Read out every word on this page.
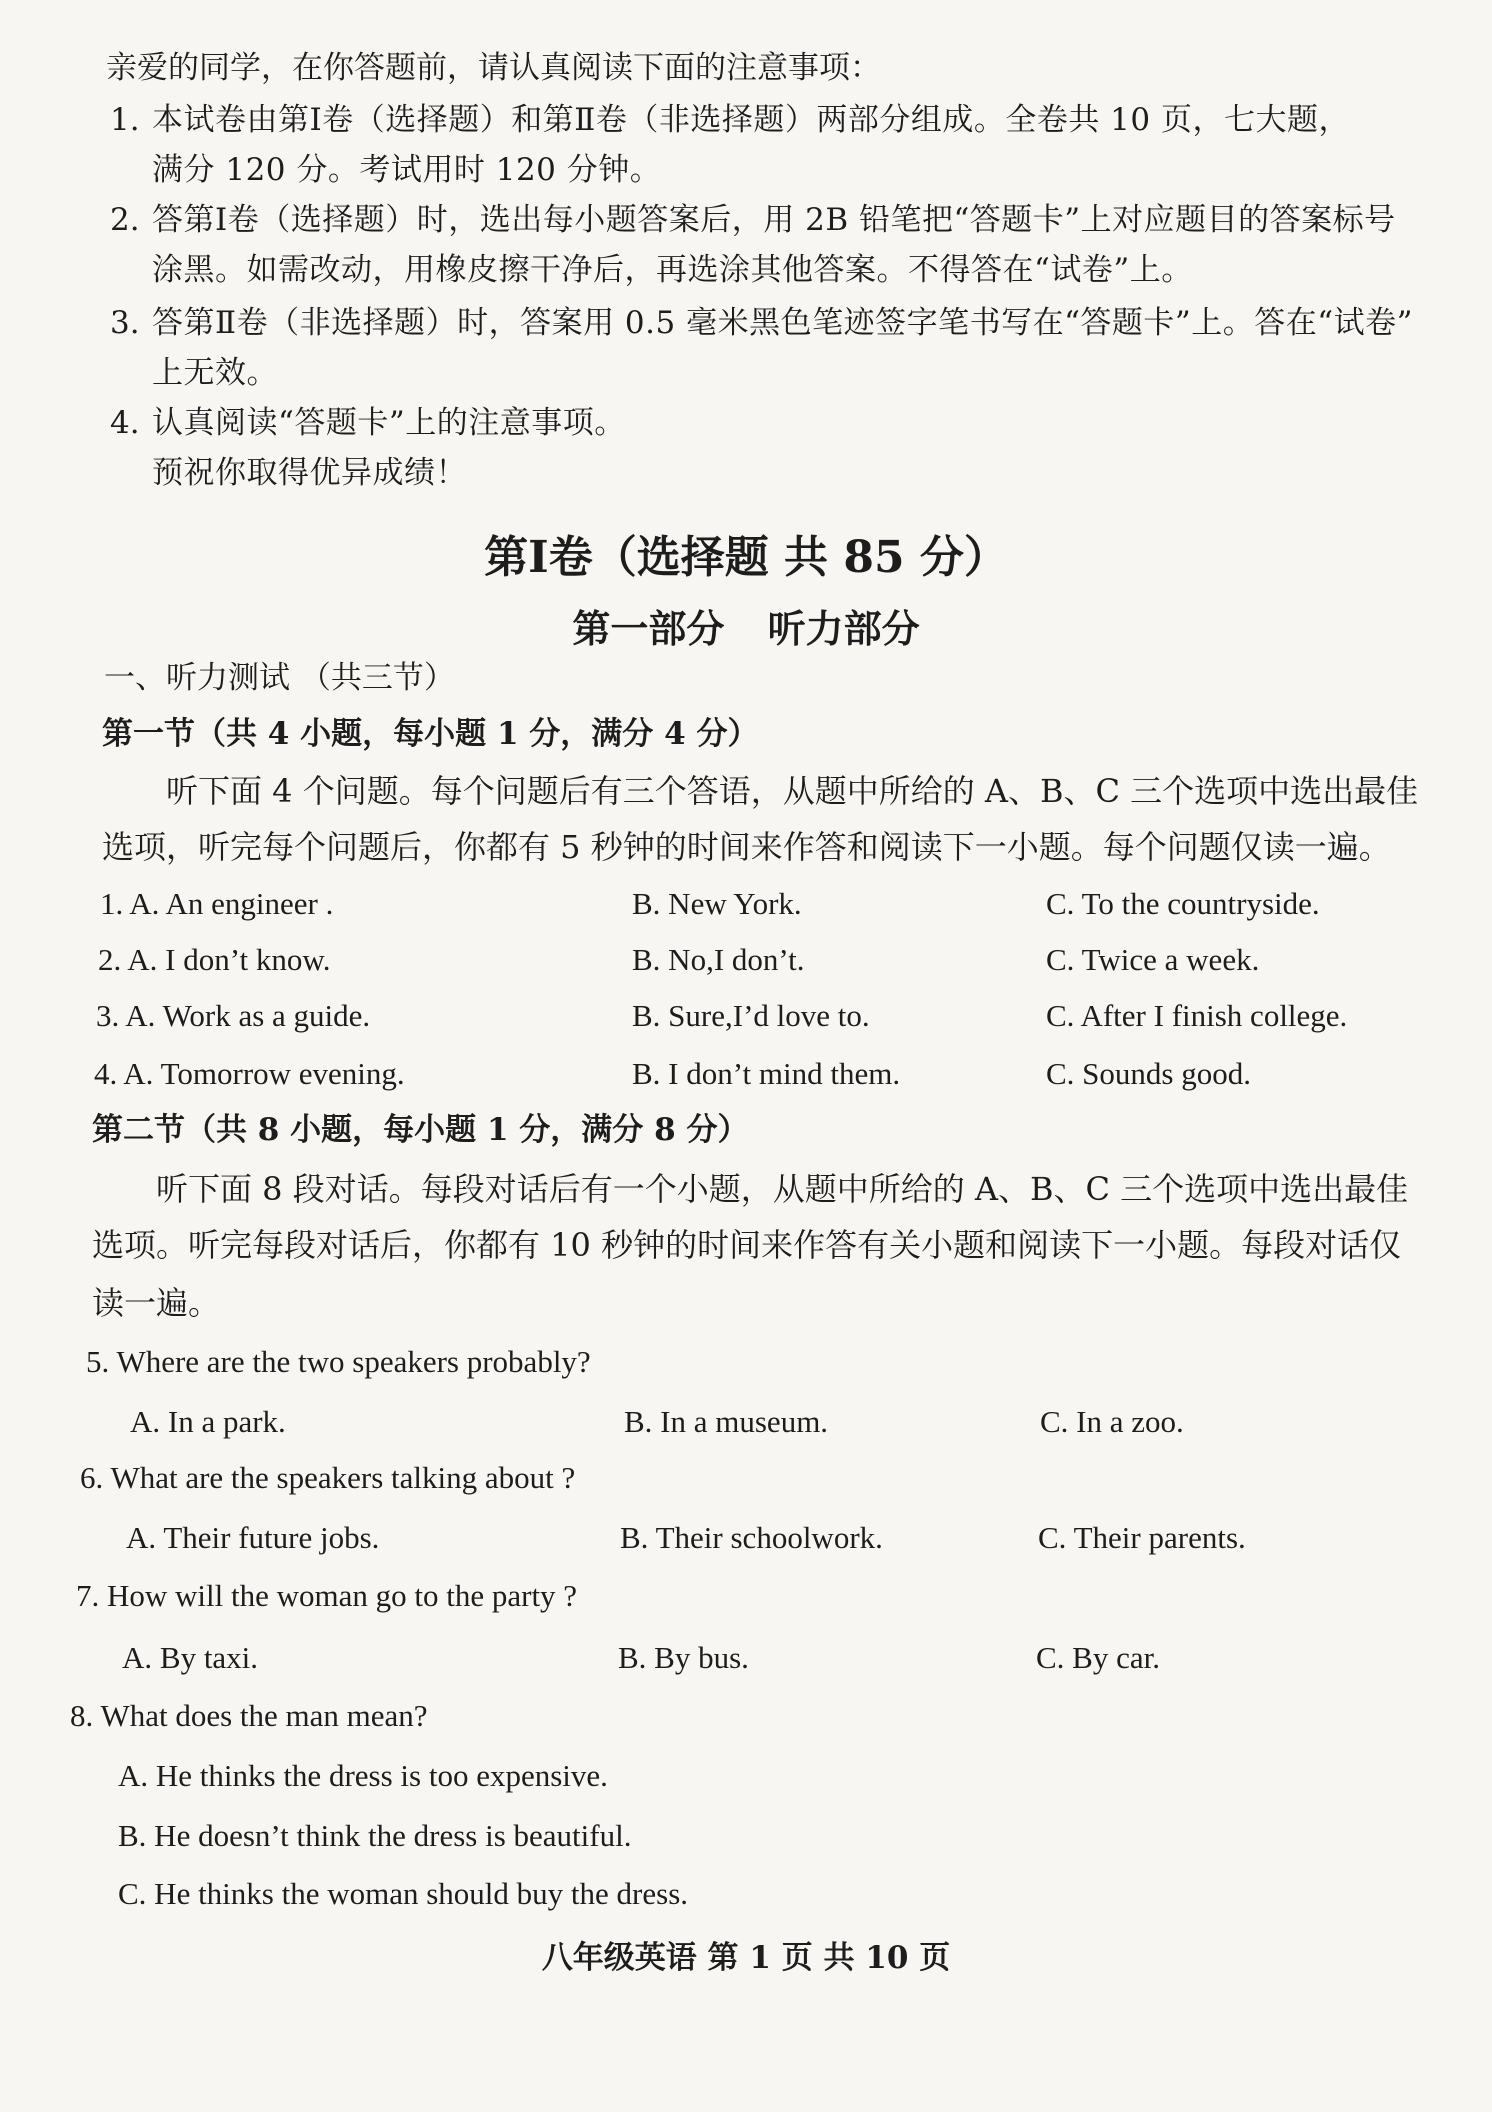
亲爱的同学，在你答题前，请认真阅读下面的注意事项：
1. 本试卷由第Ⅰ卷（选择题）和第Ⅱ卷（非选择题）两部分组成。全卷共 10 页，七大题，
满分 120 分。考试用时 120 分钟。
2. 答第Ⅰ卷（选择题）时，选出每小题答案后，用 2B 铅笔把“答题卡”上对应题目的答案标号
涂黑。如需改动，用橡皮擦干净后，再选涂其他答案。不得答在“试卷”上。
3. 答第Ⅱ卷（非选择题）时，答案用 0.5 毫米黑色笔迹签字笔书写在“答题卡”上。答在“试卷”
上无效。
4. 认真阅读“答题卡”上的注意事项。
预祝你取得优异成绩！
第Ⅰ卷（选择题 共 85 分）
第一部分 听力部分
一、听力测试 （共三节）
第一节（共 4 小题，每小题 1 分，满分 4 分）
听下面 4 个问题。每个问题后有三个答语，从题中所给的 A、B、C 三个选项中选出最佳
选项，听完每个问题后，你都有 5 秒钟的时间来作答和阅读下一小题。每个问题仅读一遍。
1. A. An engineer .	B. New York.	C. To the countryside.
2. A. I don’t know.	B. No,I don’t.	C. Twice a week.
3. A. Work as a guide.	B. Sure,I’d love to.	C. After I finish college.
4. A. Tomorrow evening.	B. I don’t mind them.	C. Sounds good.
第二节（共 8 小题，每小题 1 分，满分 8 分）
听下面 8 段对话。每段对话后有一个小题，从题中所给的 A、B、C 三个选项中选出最佳
选项。听完每段对话后，你都有 10 秒钟的时间来作答有关小题和阅读下一小题。每段对话仅
读一遍。
5. Where are the two speakers probably?
A. In a park.	B. In a museum.	C. In a zoo.
6. What are the speakers talking about ?
A. Their future jobs.	B. Their schoolwork.	C. Their parents.
7. How will the woman go to the party ?
A. By taxi.	B. By bus.	C. By car.
8. What does the man mean?
A. He thinks the dress is too expensive.
B. He doesn’t think the dress is beautiful.
C. He thinks the woman should buy the dress.
八年级英语 第 1 页 共 10 页
